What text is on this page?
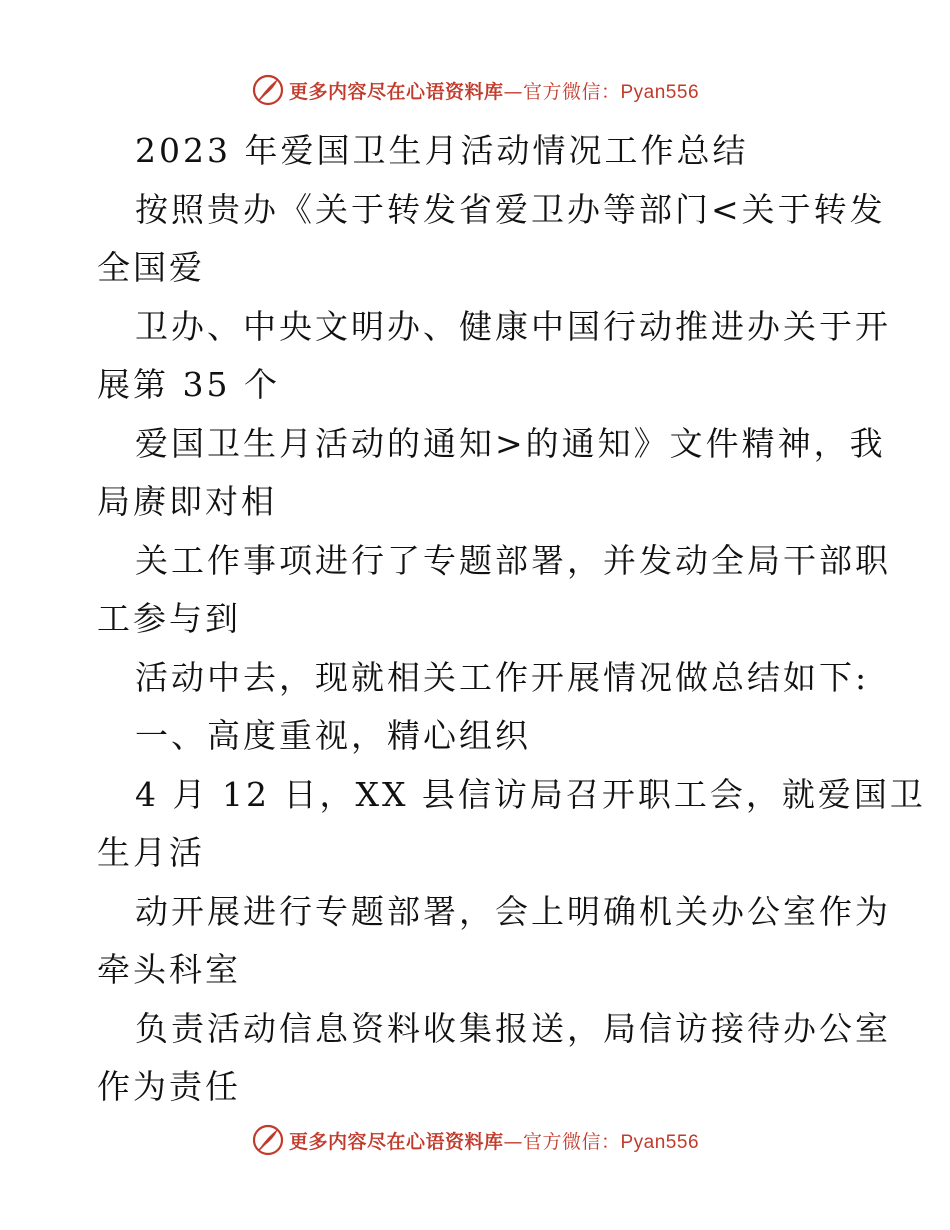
更多内容尽在心语资料库—官方微信：Pyan556
2023 年爱国卫生月活动情况工作总结
按照贵办《关于转发省爱卫办等部门<关于转发
全国爱
卫办、中央文明办、健康中国行动推进办关于开
展第 35 个
爱国卫生月活动的通知>的通知》文件精神，我
局赓即对相
关工作事项进行了专题部署，并发动全局干部职
工参与到
活动中去，现就相关工作开展情况做总结如下:
一、高度重视，精心组织
4 月 12 日，XX 县信访局召开职工会，就爱国卫
生月活
动开展进行专题部署，会上明确机关办公室作为
牵头科室
负责活动信息资料收集报送，局信访接待办公室
作为责任
更多内容尽在心语资料库—官方微信：Pyan556
